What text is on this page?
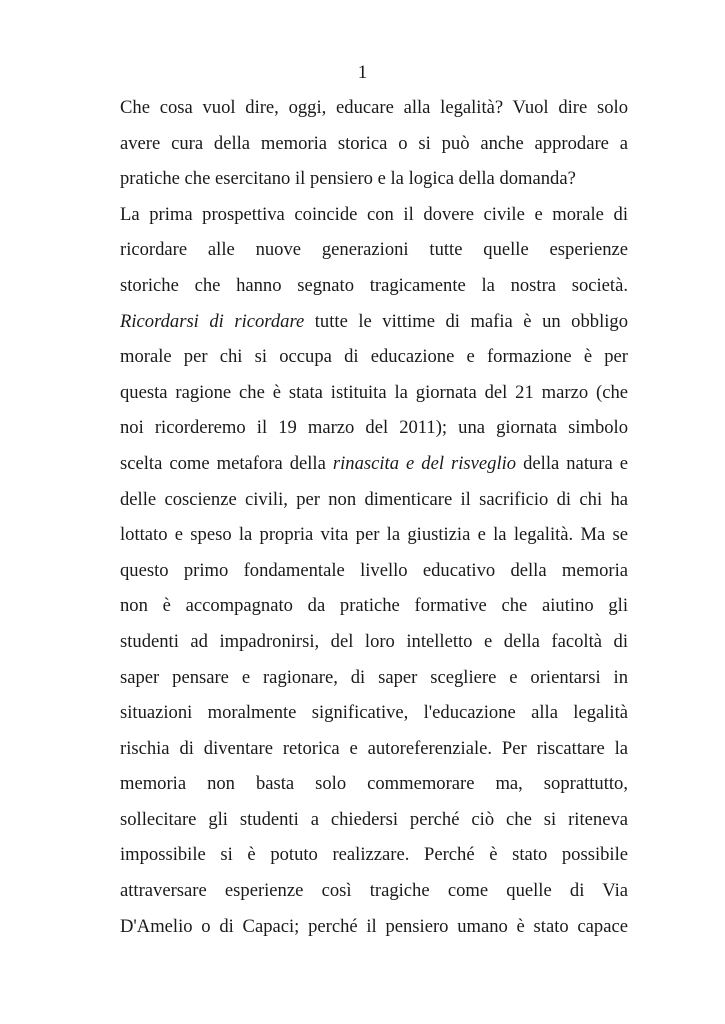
1
Che cosa vuol dire, oggi, educare alla legalità? Vuol dire solo
avere cura della memoria storica o si può anche approdare a
pratiche che esercitano il pensiero e la logica della domanda?
La prima prospettiva coincide con il dovere civile e morale di
ricordare alle nuove generazioni tutte quelle esperienze
storiche che hanno segnato tragicamente la nostra società.
Ricordarsi di ricordare tutte le vittime di mafia è un obbligo
morale per chi si occupa di educazione e formazione è per
questa ragione che è stata istituita la giornata del 21 marzo (che
noi ricorderemo il 19 marzo del 2011); una giornata simbolo
scelta come metafora della rinascita e del risveglio della natura e
delle coscienze civili, per non dimenticare il sacrificio di chi ha
lottato e speso la propria vita per la giustizia e la legalità. Ma se
questo primo fondamentale livello educativo della memoria
non è accompagnato da pratiche formative che aiutino gli
studenti ad impadronirsi, del loro intelletto e della facoltà di
saper pensare e ragionare, di saper scegliere e orientarsi in
situazioni moralmente significative, l'educazione alla legalità
rischia di diventare retorica e autoreferenziale. Per riscattare la
memoria non basta solo commemorare ma, soprattutto,
sollecitare gli studenti a chiedersi perché ciò che si riteneva
impossibile si è potuto realizzare. Perché è stato possibile
attraversare esperienze così tragiche come quelle di Via
D'Amelio o di Capaci; perché il pensiero umano è stato capace
